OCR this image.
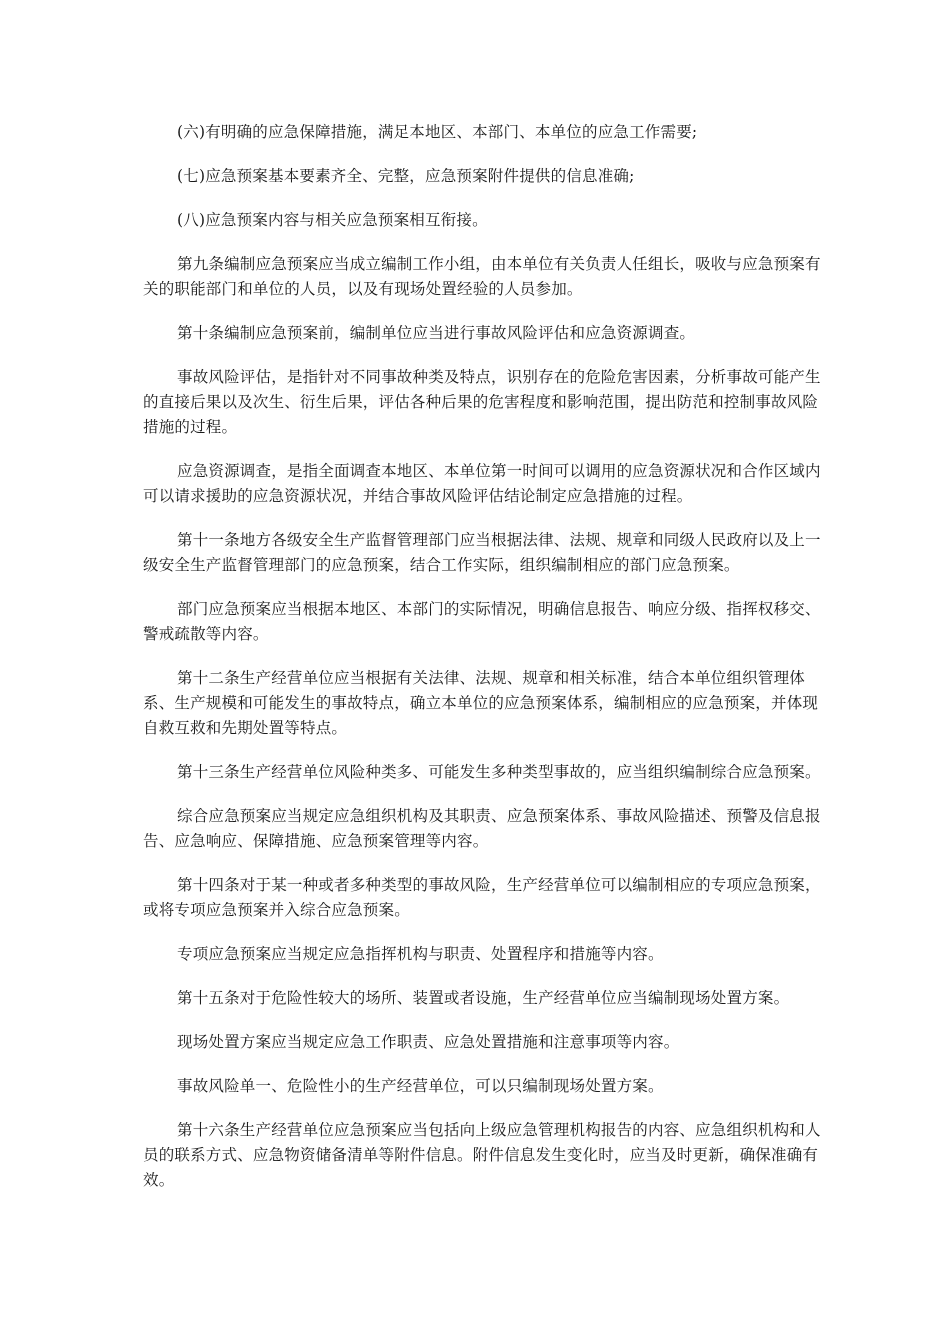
(六)有明确的应急保障措施，满足本地区、本部门、本单位的应急工作需要;

(七)应急预案基本要素齐全、完整，应急预案附件提供的信息准确;

(八)应急预案内容与相关应急预案相互衔接。

第九条编制应急预案应当成立编制工作小组，由本单位有关负责人任组长，吸收与应急预案有关的职能部门和单位的人员，以及有现场处置经验的人员参加。

第十条编制应急预案前，编制单位应当进行事故风险评估和应急资源调查。

事故风险评估，是指针对不同事故种类及特点，识别存在的危险危害因素，分析事故可能产生的直接后果以及次生、衍生后果，评估各种后果的危害程度和影响范围，提出防范和控制事故风险措施的过程。

应急资源调查，是指全面调查本地区、本单位第一时间可以调用的应急资源状况和合作区域内可以请求援助的应急资源状况，并结合事故风险评估结论制定应急措施的过程。

第十一条地方各级安全生产监督管理部门应当根据法律、法规、规章和同级人民政府以及上一级安全生产监督管理部门的应急预案，结合工作实际，组织编制相应的部门应急预案。

部门应急预案应当根据本地区、本部门的实际情况，明确信息报告、响应分级、指挥权移交、警戒疏散等内容。

第十二条生产经营单位应当根据有关法律、法规、规章和相关标准，结合本单位组织管理体系、生产规模和可能发生的事故特点，确立本单位的应急预案体系，编制相应的应急预案，并体现自救互救和先期处置等特点。

第十三条生产经营单位风险种类多、可能发生多种类型事故的，应当组织编制综合应急预案。

综合应急预案应当规定应急组织机构及其职责、应急预案体系、事故风险描述、预警及信息报告、应急响应、保障措施、应急预案管理等内容。

第十四条对于某一种或者多种类型的事故风险，生产经营单位可以编制相应的专项应急预案，或将专项应急预案并入综合应急预案。

专项应急预案应当规定应急指挥机构与职责、处置程序和措施等内容。

第十五条对于危险性较大的场所、装置或者设施，生产经营单位应当编制现场处置方案。

现场处置方案应当规定应急工作职责、应急处置措施和注意事项等内容。

事故风险单一、危险性小的生产经营单位，可以只编制现场处置方案。

第十六条生产经营单位应急预案应当包括向上级应急管理机构报告的内容、应急组织机构和人员的联系方式、应急物资储备清单等附件信息。附件信息发生变化时，应当及时更新，确保准确有效。
